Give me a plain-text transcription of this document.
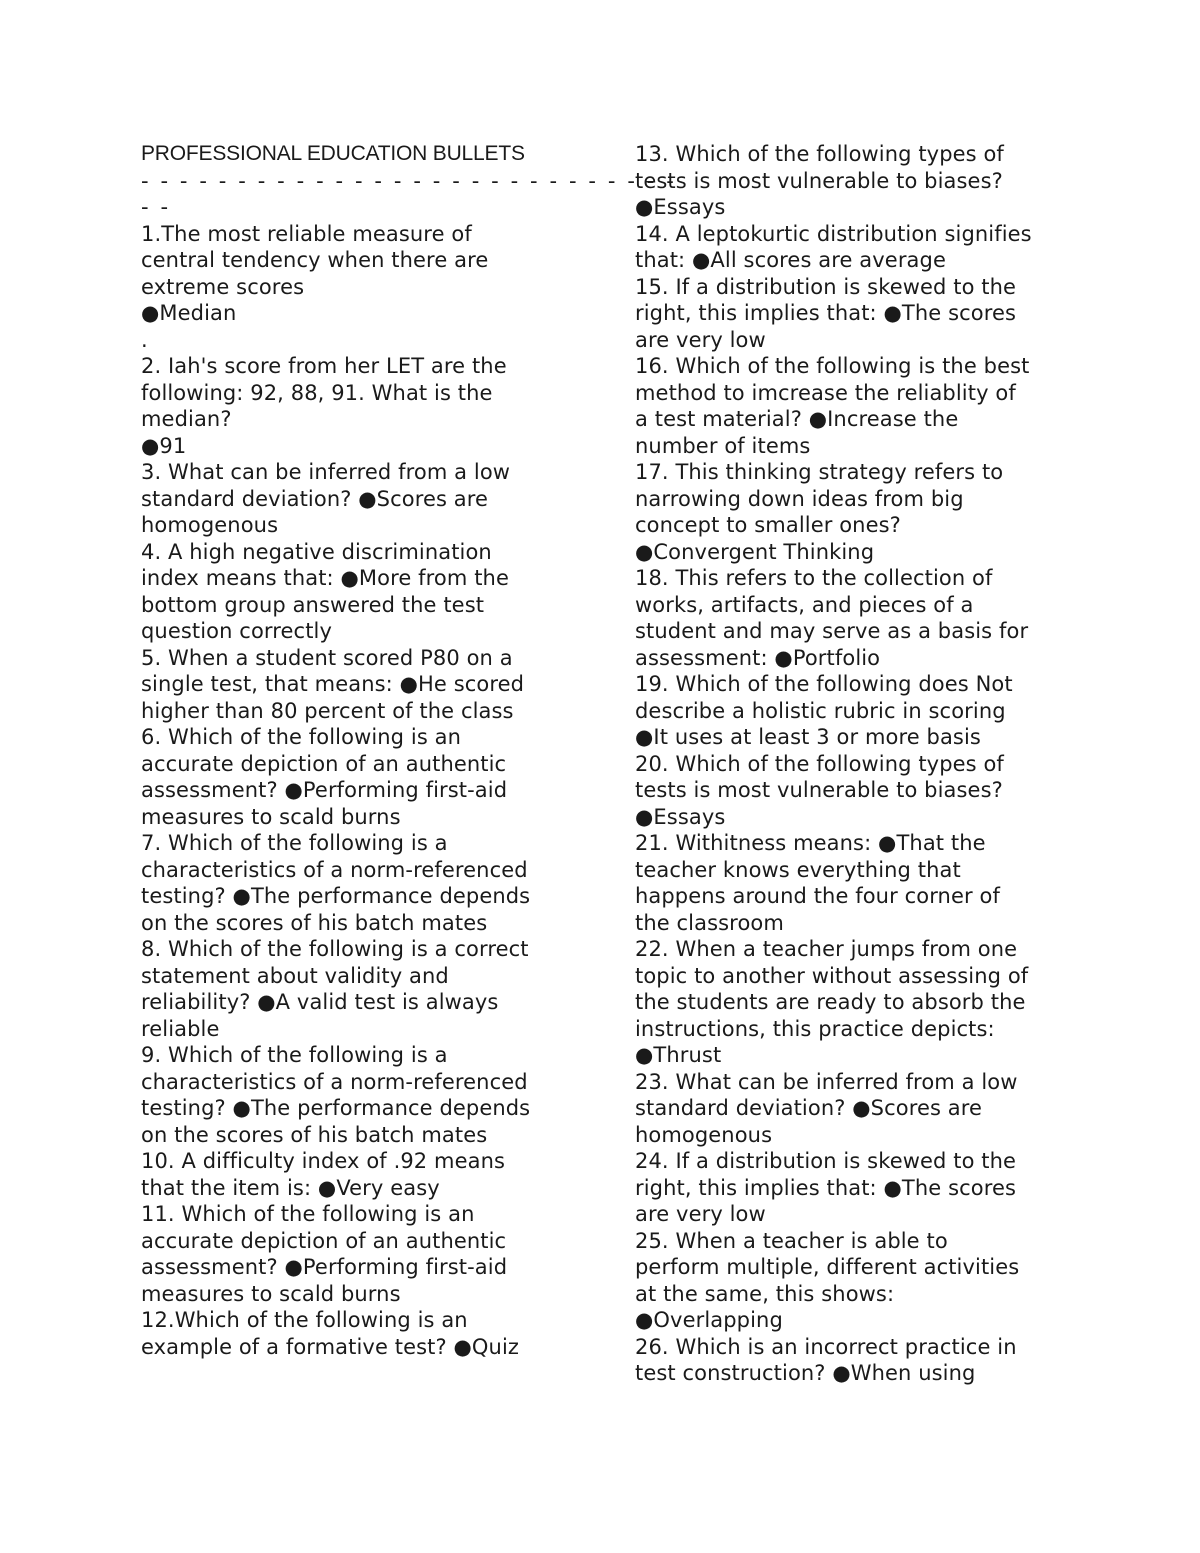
PROFESSIONAL EDUCATION BULLETS
- - - - - - - - - - - - - - - - - - - - - - - - - - - -
- -
1.The most reliable measure of
central tendency when there are
extreme scores
●Median
.
2. Iah's score from her LET are the
following: 92, 88, 91. What is the
median?
●91
3. What can be inferred from a low
standard deviation? ●Scores are
homogenous
4. A high negative discrimination
index means that: ●More from the
bottom group answered the test
question correctly
5. When a student scored P80 on a
single test, that means: ●He scored
higher than 80 percent of the class
6. Which of the following is an
accurate depiction of an authentic
assessment? ●Performing first-aid
measures to scald burns
7. Which of the following is a
characteristics of a norm-referenced
testing? ●The performance depends
on the scores of his batch mates
8. Which of the following is a correct
statement about validity and
reliability? ●A valid test is always
reliable
9. Which of the following is a
characteristics of a norm-referenced
testing? ●The performance depends
on the scores of his batch mates
10. A difficulty index of .92 means
that the item is: ●Very easy
11. Which of the following is an
accurate depiction of an authentic
assessment? ●Performing first-aid
measures to scald burns
12.Which of the following is an
example of a formative test? ●Quiz
13. Which of the following types of
tests is most vulnerable to biases?
●Essays
14. A leptokurtic distribution signifies
that: ●All scores are average
15. If a distribution is skewed to the
right, this implies that: ●The scores
are very low
16. Which of the following is the best
method to imcrease the reliablity of
a test material? ●Increase the
number of items
17. This thinking strategy refers to
narrowing down ideas from big
concept to smaller ones?
●Convergent Thinking
18. This refers to the collection of
works, artifacts, and pieces of a
student and may serve as a basis for
assessment: ●Portfolio
19. Which of the following does Not
describe a holistic rubric in scoring
●It uses at least 3 or more basis
20. Which of the following types of
tests is most vulnerable to biases?
●Essays
21. Withitness means: ●That the
teacher knows everything that
happens around the four corner of
the classroom
22. When a teacher jumps from one
topic to another without assessing of
the students are ready to absorb the
instructions, this practice depicts:
●Thrust
23. What can be inferred from a low
standard deviation? ●Scores are
homogenous
24. If a distribution is skewed to the
right, this implies that: ●The scores
are very low
25. When a teacher is able to
perform multiple, different activities
at the same, this shows:
●Overlapping
26. Which is an incorrect practice in
test construction? ●When using
